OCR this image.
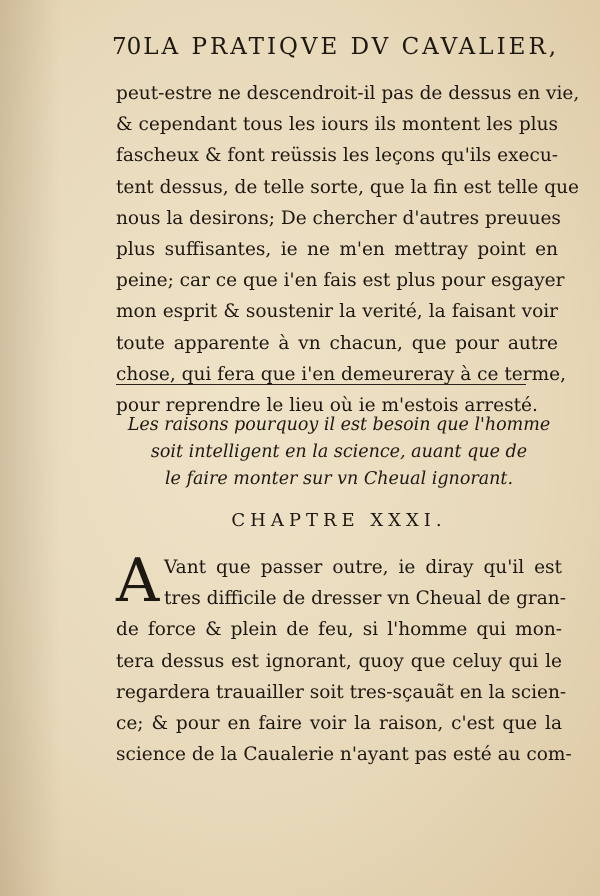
70LA PRATIQVE DV CAVALIER,
peut-estre ne descendroit-il pas de dessus en vie,
& cependant tous les iours ils montent les plus
fascheux & font reüssis les leçons qu'ils execu-
tent dessus, de telle sorte, que la fin est telle que
nous la desirons; De chercher d'autres preuues
plus suffisantes, ie ne m'en mettray point en
peine; car ce que i'en fais est plus pour esgayer
mon esprit & soustenir la verité, la faisant voir
toute apparente à vn chacun, que pour autre
chose, qui fera que i'en demeureray à ce terme,
pour reprendre le lieu où ie m'estois arresté.
Les raisons pourquoy il est besoin que l'homme
soit intelligent en la science, auant que de
le faire monter sur vn Cheual ignorant.
CHAPTRE XXXI.
A Vant que passer outre, ie diray qu'il est
tres difficile de dresser vn Cheual de gran-
de force & plein de feu, si l'homme qui mon-
tera dessus est ignorant, quoy que celuy qui le
regardera trauailler soit tres-sçauãt en la scien-
ce; & pour en faire voir la raison, c'est que la
science de la Caualerie n'ayant pas esté au com-
